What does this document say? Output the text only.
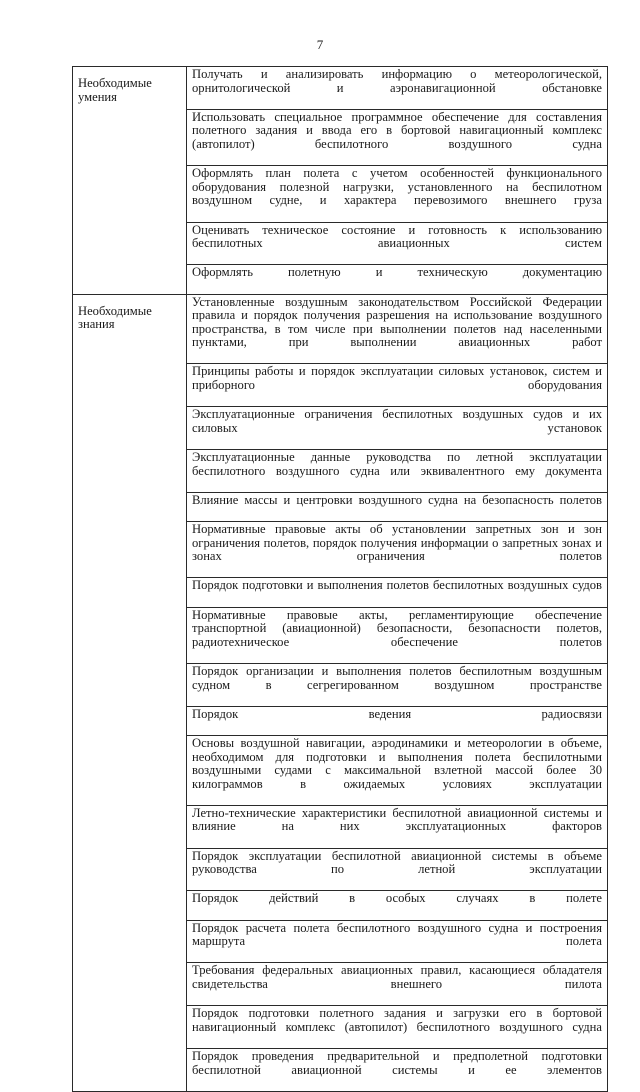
7
Необходимые умения	Получать и анализировать информацию о метеорологической, орнитологической и аэронавигационной обстановке

	Использовать специальное программное обеспечение для составления полетного задания и ввода его в бортовой навигационный комплекс (автопилот) беспилотного воздушного судна

	Оформлять план полета с учетом особенностей функционального оборудования полезной нагрузки, установленного на беспилотном воздушном судне, и характера перевозимого внешнего груза

	Оценивать техническое состояние и готовность к использованию беспилотных авиационных систем

	Оформлять полетную и техническую документацию

Необходимые знания	Установленные воздушным законодательством Российской Федерации правила и порядок получения разрешения на использование воздушного пространства, в том числе при выполнении полетов над населенными пунктами, при выполнении авиационных работ

	Принципы работы и порядок эксплуатации силовых установок, систем и приборного оборудования

	Эксплуатационные ограничения беспилотных воздушных судов и их силовых установок

	Эксплуатационные данные руководства по летной эксплуатации беспилотного воздушного судна или эквивалентного ему документа

	Влияние массы и центровки воздушного судна на безопасность полетов

	Нормативные правовые акты об установлении запретных зон и зон ограничения полетов, порядок получения информации о запретных зонах и зонах ограничения полетов

	Порядок подготовки и выполнения полетов беспилотных воздушных судов

	Нормативные правовые акты, регламентирующие обеспечение транспортной (авиационной) безопасности, безопасности полетов, радиотехническое обеспечение полетов

	Порядок организации и выполнения полетов беспилотным воздушным судном в сегрегированном воздушном пространстве

	Порядок ведения радиосвязи

	Основы воздушной навигации, аэродинамики и метеорологии в объеме, необходимом для подготовки и выполнения полета беспилотными воздушными судами с максимальной взлетной массой более 30 килограммов в ожидаемых условиях эксплуатации

	Летно-технические характеристики беспилотной авиационной системы и влияние на них эксплуатационных факторов

	Порядок эксплуатации беспилотной авиационной системы в объеме руководства по летной эксплуатации

	Порядок действий в особых случаях в полете

	Порядок расчета полета беспилотного воздушного судна и построения маршрута полета

	Требования федеральных авиационных правил, касающиеся обладателя свидетельства внешнего пилота

	Порядок подготовки полетного задания и загрузки его в бортовой навигационный комплекс (автопилот) беспилотного воздушного судна

	Порядок проведения предварительной и предполетной подготовки беспилотной авиационной системы и ее элементов
